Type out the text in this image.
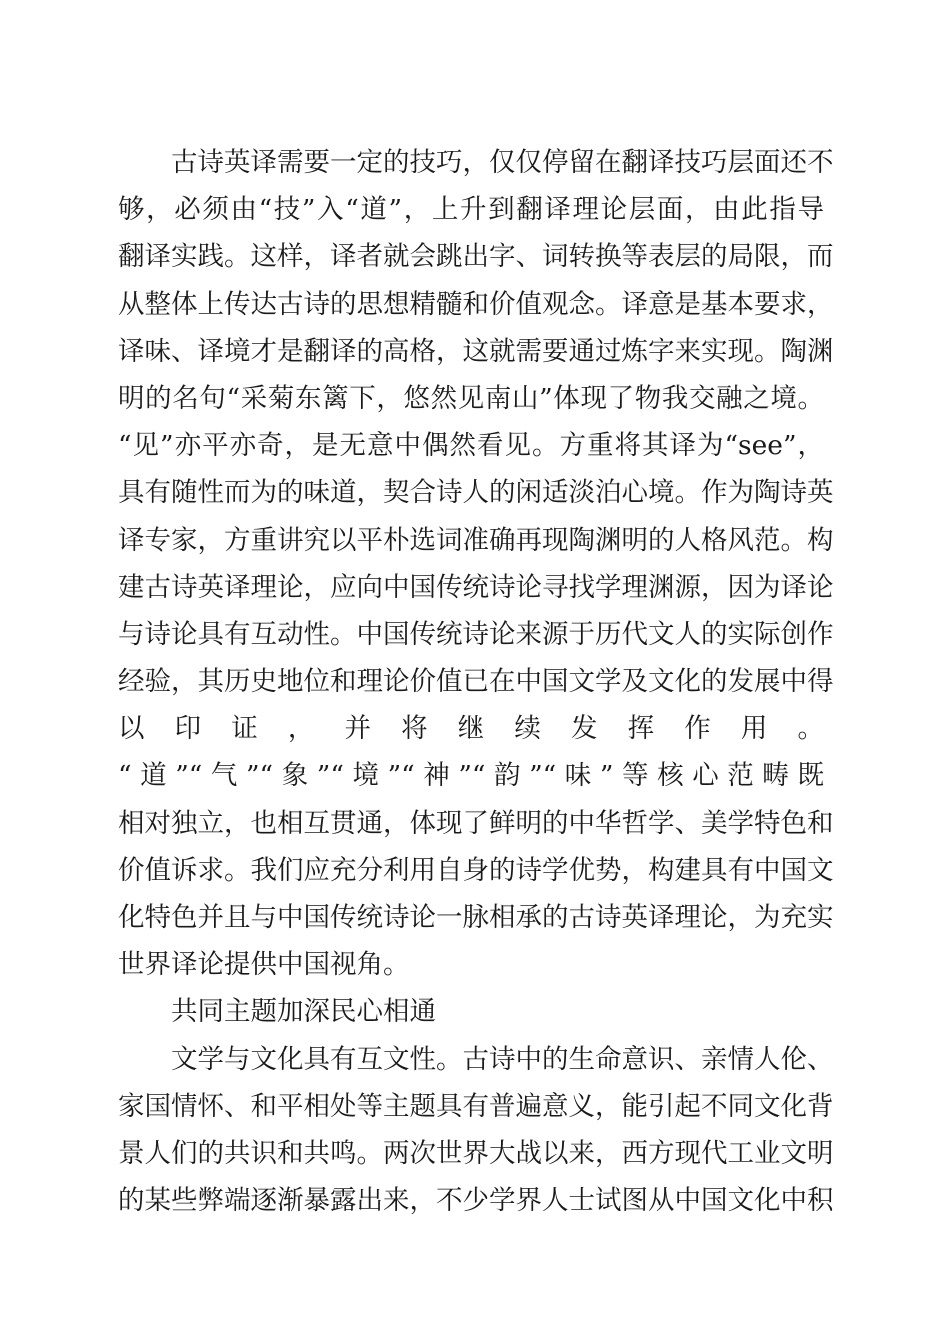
古诗英译需要一定的技巧，仅仅停留在翻译技巧层面还不
够，必须由“技”入“道”，上升到翻译理论层面，由此指导
翻译实践。这样，译者就会跳出字、词转换等表层的局限，而
从整体上传达古诗的思想精髓和价值观念。译意是基本要求，
译味、译境才是翻译的高格，这就需要通过炼字来实现。陶渊
明的名句“采菊东篱下，悠然见南山”体现了物我交融之境。
“见”亦平亦奇，是无意中偶然看见。方重将其译为“see”，
具有随性而为的味道，契合诗人的闲适淡泊心境。作为陶诗英
译专家，方重讲究以平朴选词准确再现陶渊明的人格风范。构
建古诗英译理论，应向中国传统诗论寻找学理渊源，因为译论
与诗论具有互动性。中国传统诗论来源于历代文人的实际创作
经验，其历史地位和理论价值已在中国文学及文化的发展中得
以印证，并将继续发挥作用。
“道”“气”“象”“境”“神”“韵”“味”等核心范畴既
相对独立，也相互贯通，体现了鲜明的中华哲学、美学特色和
价值诉求。我们应充分利用自身的诗学优势，构建具有中国文
化特色并且与中国传统诗论一脉相承的古诗英译理论，为充实
世界译论提供中国视角。
共同主题加深民心相通
文学与文化具有互文性。古诗中的生命意识、亲情人伦、
家国情怀、和平相处等主题具有普遍意义，能引起不同文化背
景人们的共识和共鸣。两次世界大战以来，西方现代工业文明
的某些弊端逐渐暴露出来，不少学界人士试图从中国文化中积
